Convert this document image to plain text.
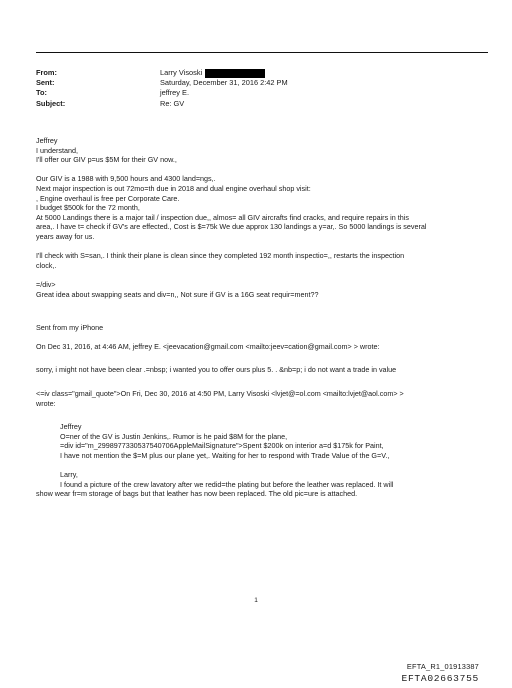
From:	Larry Visoski
Sent:	Saturday, December 31, 2016 2:42 PM
To:	jeffrey E.
Subject:	Re: GV

Jeffrey

I understand,

I'll offer our GIV p=us $5M for their GV now.,

Our GIV is a 1988 with 9,500 hours and 4300 land=ngs,.

Next major inspection is out 72mo=th due in 2018 and dual engine overhaul shop visit:

, Engine overhaul is free per Corporate Care.

I budget $500k for the 72 month,

At 5000 Landings there is a major tail / inspection due,, almos= all GIV aircrafts find cracks, and require repairs in this

area,. I have t= check if GV's are effected., Cost is $=75k We due approx 130 landings a y=ar,. So 5000 landings is several

years away for us.

I'll check with S=san,. I think their plane is clean since they completed 192 month inspectio=,, restarts the inspection

clock,.

=/div>

Great idea about swapping seats and div=n,, Not sure if GV is a 16G seat requir=ment??

Sent from my iPhone

On Dec 31, 2016, at 4:46 AM, jeffrey E. <jeevacation@gmail.com <mailto:jeev=cation@gmail.com> > wrote:

sorry, i might not have been clear .=nbsp; i wanted you to offer ours plus 5. . &nb=p; i do not want a trade in value

<=iv class="gmail_quote">On Fri, Dec 30, 2016 at 4:50 PM, Larry Visoski <lvjet@=ol.com <mailto:lvjet@aol.com> >

wrote:

Jeffrey

O=ner of the GV is Justin Jenkins,. Rumor is he paid $8M for the plane,

=div id="m_2998977330537540706AppleMailSignature">Spent $200k on interior a=d $175k for Paint,

I have not mention the $=M plus our plane yet,. Waiting for her to respond with Trade Value of the G=V.,

Larry,

I found a picture of the crew lavatory after we redid=the plating but before the leather was replaced. It will

show wear fr=m storage of bags but that leather has now been replaced. The old pic=ure is attached.

1
EFTA_R1_01913387
EFTA02663755
